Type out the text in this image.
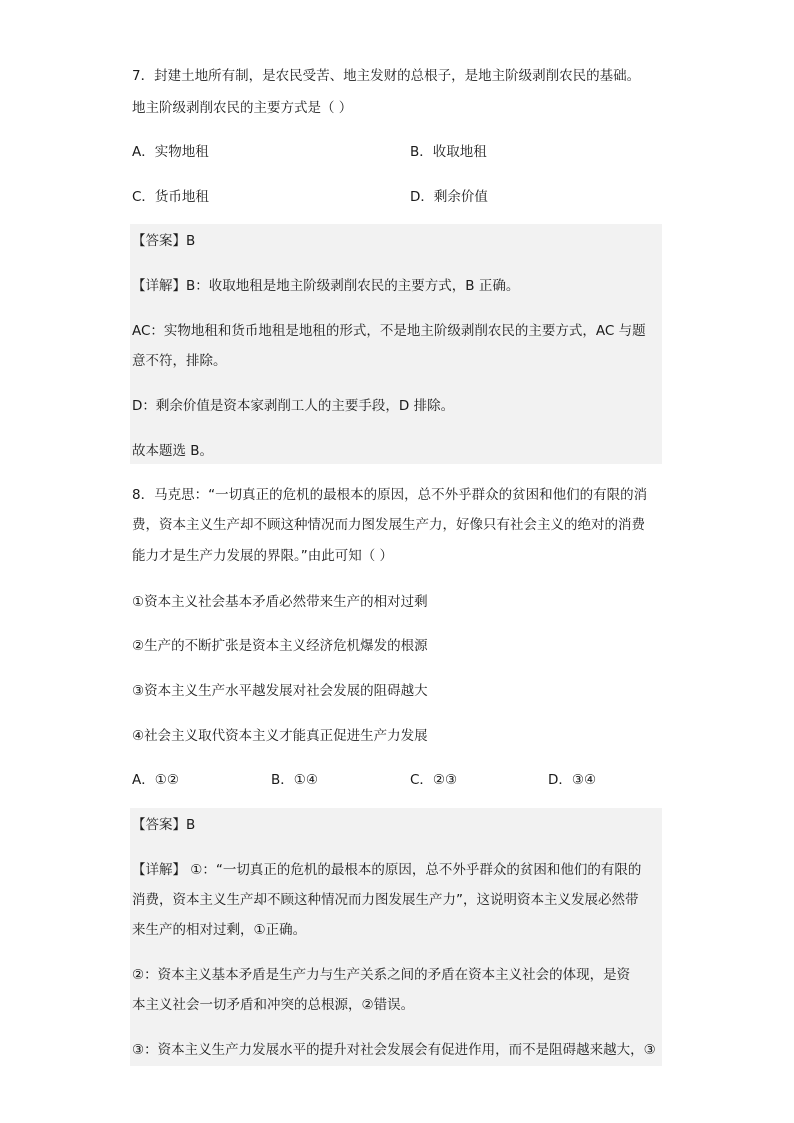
7．封建土地所有制，是农民受苦、地主发财的总根子，是地主阶级剥削农民的基础。
地主阶级剥削农民的主要方式是（ ）
A．实物地租	B．收取地租
C．货币地租	D．剩余价值
【答案】B
【详解】B：收取地租是地主阶级剥削农民的主要方式，B 正确。
AC：实物地租和货币地租是地租的形式，不是地主阶级剥削农民的主要方式，AC 与题
意不符，排除。
D：剩余价值是资本家剥削工人的主要手段，D 排除。
故本题选 B。
8．马克思：“一切真正的危机的最根本的原因，总不外乎群众的贫困和他们的有限的消
费，资本主义生产却不顾这种情况而力图发展生产力，好像只有社会主义的绝对的消费
能力才是生产力发展的界限。”由此可知（ ）
①资本主义社会基本矛盾必然带来生产的相对过剩
②生产的不断扩张是资本主义经济危机爆发的根源
③资本主义生产水平越发展对社会发展的阻碍越大
④社会主义取代资本主义才能真正促进生产力发展
A．①②	B．①④	C．②③	D．③④
【答案】B
【详解】 ①：“一切真正的危机的最根本的原因，总不外乎群众的贫困和他们的有限的
消费，资本主义生产却不顾这种情况而力图发展生产力”，这说明资本主义发展必然带
来生产的相对过剩，①正确。
②：资本主义基本矛盾是生产力与生产关系之间的矛盾在资本主义社会的体现，是资
本主义社会一切矛盾和冲突的总根源，②错误。
③：资本主义生产力发展水平的提升对社会发展会有促进作用，而不是阻碍越来越大，③
